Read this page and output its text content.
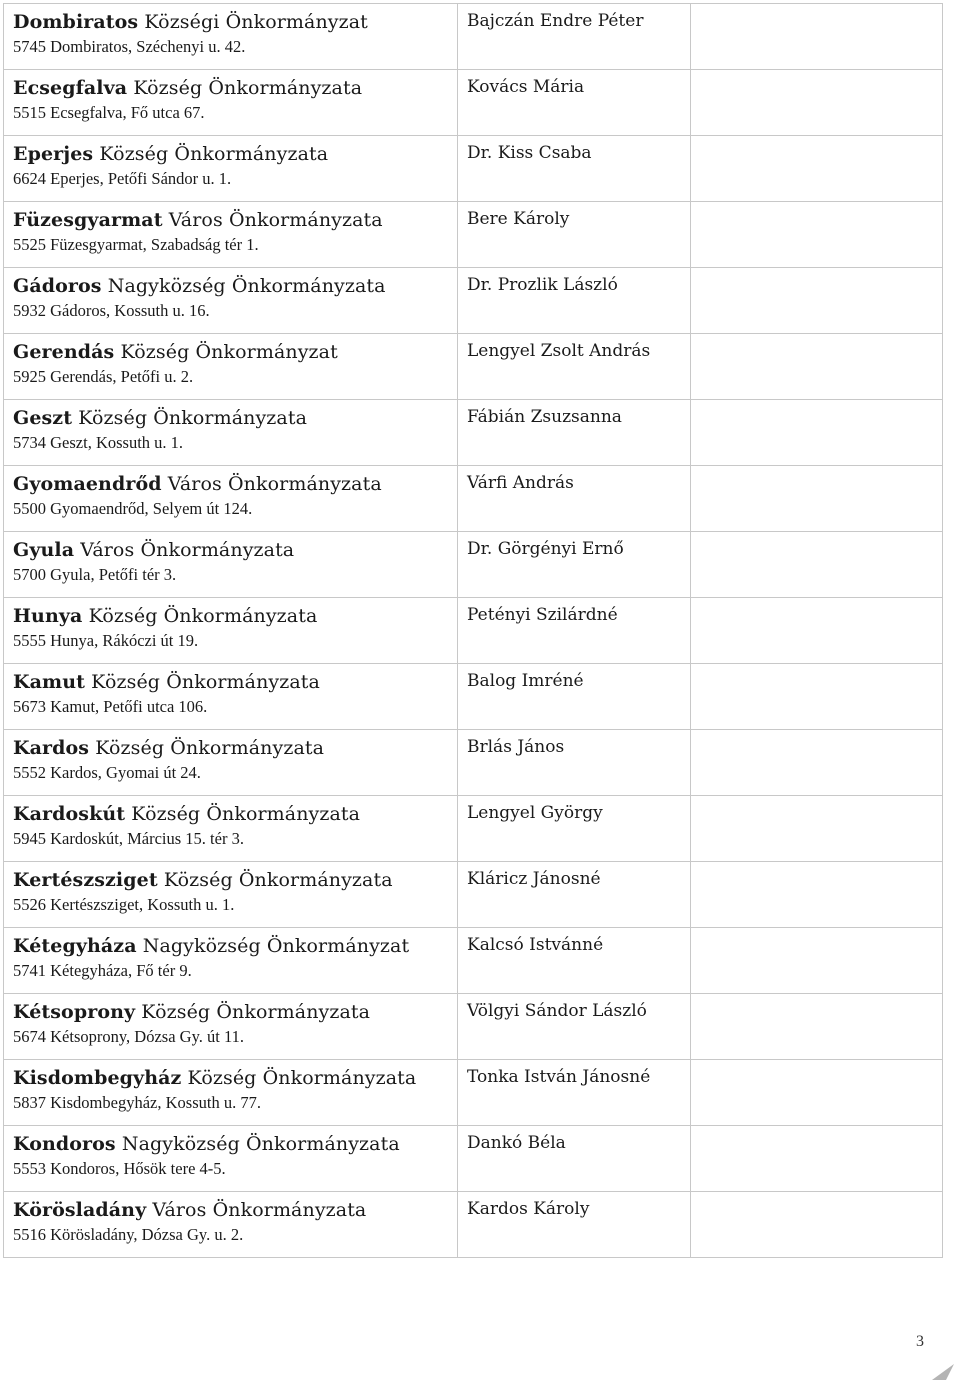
Dombiratos Községi Önkormányzat
5745 Dombiratos, Széchenyi u. 42.	Bajczán Endre Péter	

Ecsegfalva Község Önkormányzata
5515 Ecsegfalva, Fő utca 67.	Kovács Mária	

Eperjes Község Önkormányzata
6624 Eperjes, Petőfi Sándor u. 1.	Dr. Kiss Csaba	

Füzesgyarmat Város Önkormányzata
5525 Füzesgyarmat, Szabadság tér 1.	Bere Károly	

Gádoros Nagyközség Önkormányzata
5932 Gádoros, Kossuth u. 16.	Dr. Prozlik László	

Gerendás Község Önkormányzat
5925 Gerendás, Petőfi u. 2.	Lengyel Zsolt András	

Geszt Község Önkormányzata
5734 Geszt, Kossuth u. 1.	Fábián Zsuzsanna	

Gyomaendrőd Város Önkormányzata
5500 Gyomaendrőd, Selyem út 124.	Várfi András	

Gyula Város Önkormányzata
5700 Gyula, Petőfi tér 3.	Dr. Görgényi Ernő	

Hunya Község Önkormányzata
5555 Hunya, Rákóczi út 19.	Petényi Szilárdné	

Kamut Község Önkormányzata
5673 Kamut, Petőfi utca 106.	Balog Imréné	

Kardos Község Önkormányzata
5552 Kardos, Gyomai út 24.	Brlás János	

Kardoskút Község Önkormányzata
5945 Kardoskút, Március 15. tér 3.	Lengyel György	

Kertészsziget Község Önkormányzata
5526 Kertészsziget, Kossuth u. 1.	Kláricz Jánosné	

Kétegyháza Nagyközség Önkormányzat
5741 Kétegyháza, Fő tér 9.	Kalcsó Istvánné	

Kétsoprony Község Önkormányzata
5674 Kétsoprony, Dózsa Gy. út 11.	Völgyi Sándor László	

Kisdombegyház Község Önkormányzata
5837 Kisdombegyház, Kossuth u. 77.	Tonka István Jánosné	

Kondoros Nagyközség Önkormányzata
5553 Kondoros, Hősök tere 4-5.	Dankó Béla	

Körösladány Város Önkormányzata
5516 Körösladány, Dózsa Gy. u. 2.	Kardos Károly	

3
